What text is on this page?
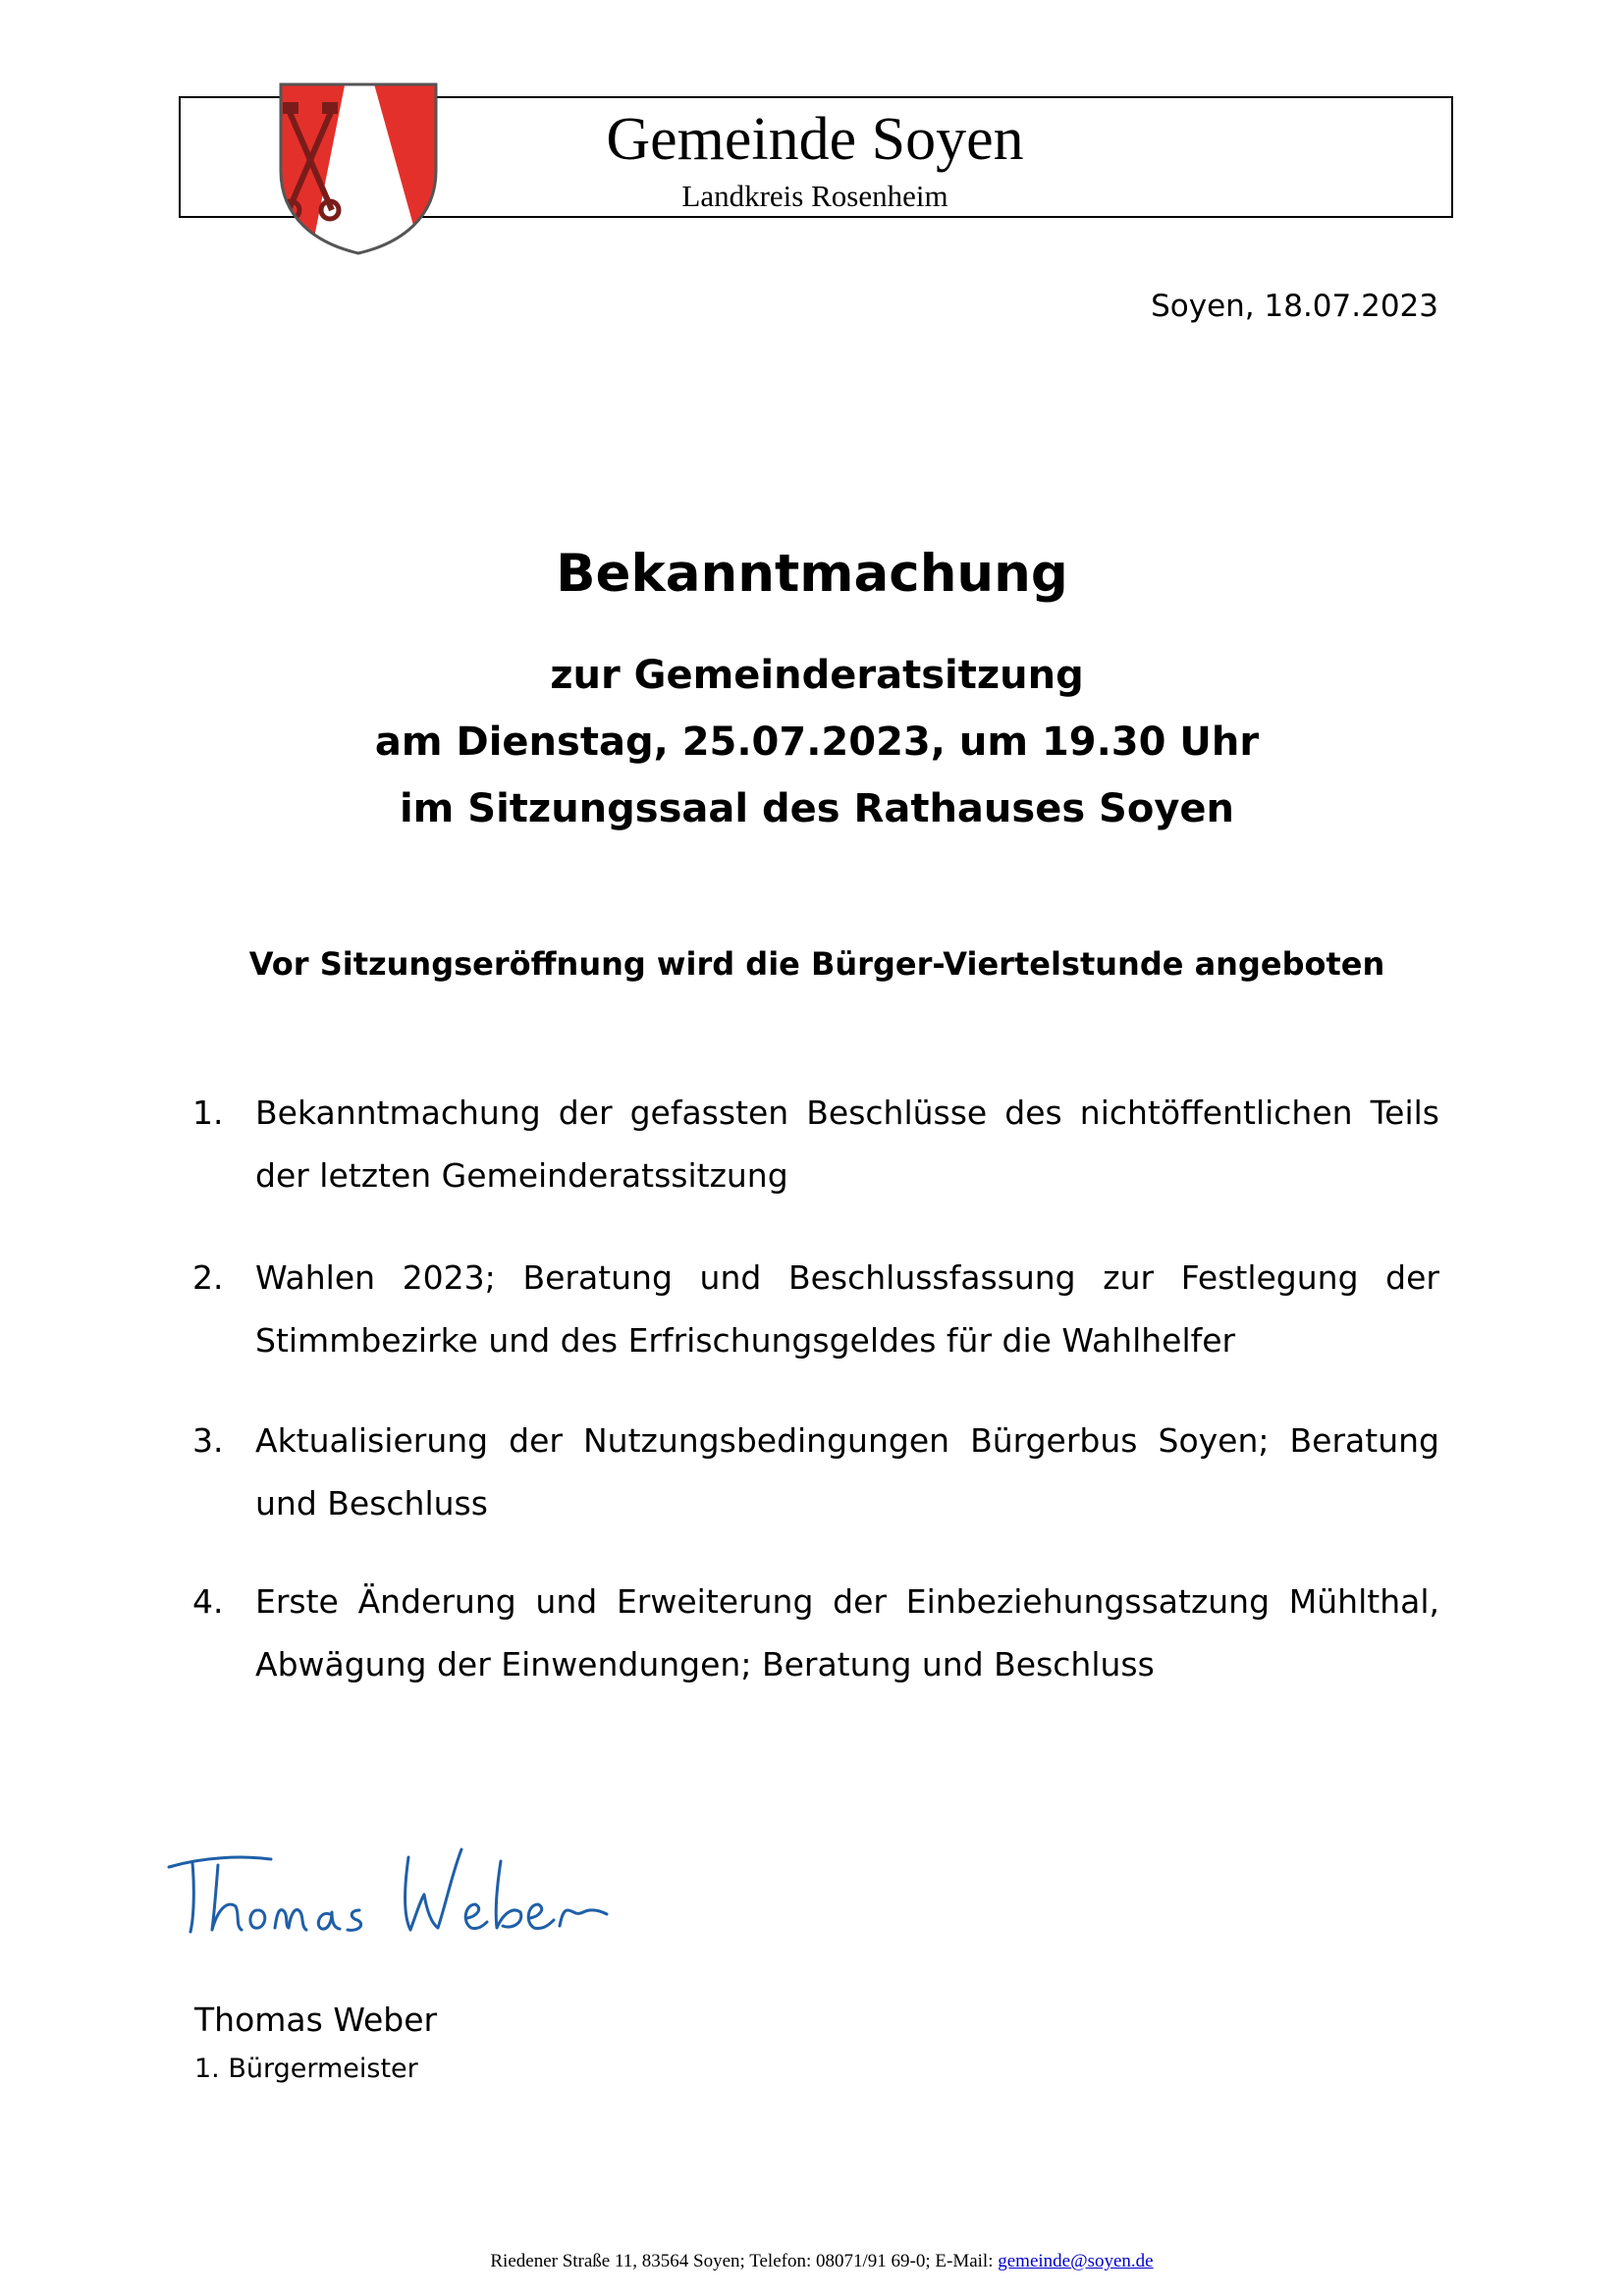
Gemeinde Soyen
Landkreis Rosenheim
Soyen, 18.07.2023
Bekanntmachung
zur Gemeinderatsitzung
am Dienstag, 25.07.2023, um 19.30 Uhr
im Sitzungssaal des Rathauses Soyen
Vor Sitzungseröffnung wird die Bürger-Viertelstunde angeboten
1. Bekanntmachung der gefassten Beschlüsse des nichtöffentlichen Teils der letzten Gemeinderatssitzung
2. Wahlen 2023; Beratung und Beschlussfassung zur Festlegung der Stimmbezirke und des Erfrischungsgeldes für die Wahlhelfer
3. Aktualisierung der Nutzungsbedingungen Bürgerbus Soyen; Beratung und Beschluss
4. Erste Änderung und Erweiterung der Einbeziehungssatzung Mühlthal, Abwägung der Einwendungen; Beratung und Beschluss
Thomas Weber
1. Bürgermeister
Riedener Straße 11, 83564 Soyen; Telefon: 08071/91 69-0; E-Mail: gemeinde@soyen.de
